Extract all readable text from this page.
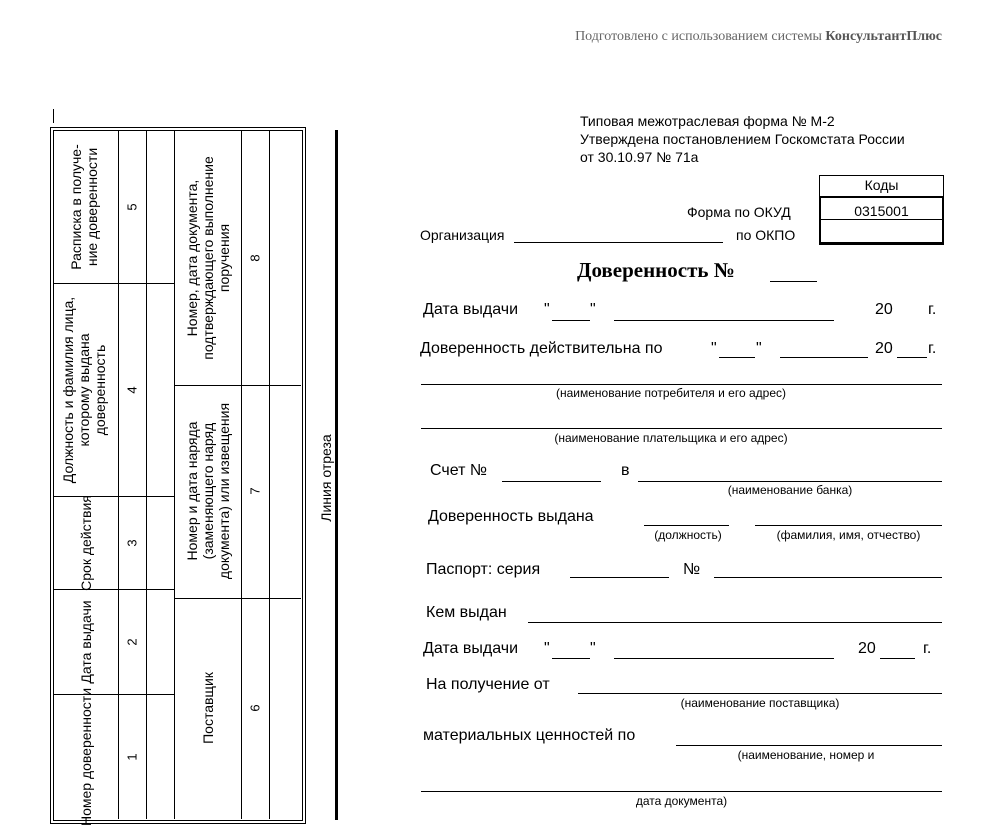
Подготовлено с использованием системы КонсультантПлюс
Номер доверенности 1
Дата выдачи 2
Срок действия 3
Должность и фамилия лица, которому выдана доверенность 4
Расписка в получе-ние доверенности 5
Поставщик 6
Номер и дата наряда (заменяющего наряд документа) или извещения 7
Номер, дата документа, подтверждающего выполнение поручения 8
Линия отреза
Типовая межотраслевая форма № М-2
Утверждена постановлением Госкомстата России
от 30.10.97 № 71а
Коды
0315001
Форма по ОКУД
Организация	по ОКПО
Доверенность №
Дата выдачи "	"	20 г.
Доверенность действительна по	" "	20 г.
(наименование потребителя и его адрес)
(наименование плательщика и его адрес)
Счет №	в
(наименование банка)
Доверенность выдана
(должность)	(фамилия, имя, отчество)
Паспорт: серия	№
Кем выдан
Дата выдачи "	"	20	г.
На получение от
(наименование поставщика)
материальных ценностей по
(наименование, номер и
дата документа)
